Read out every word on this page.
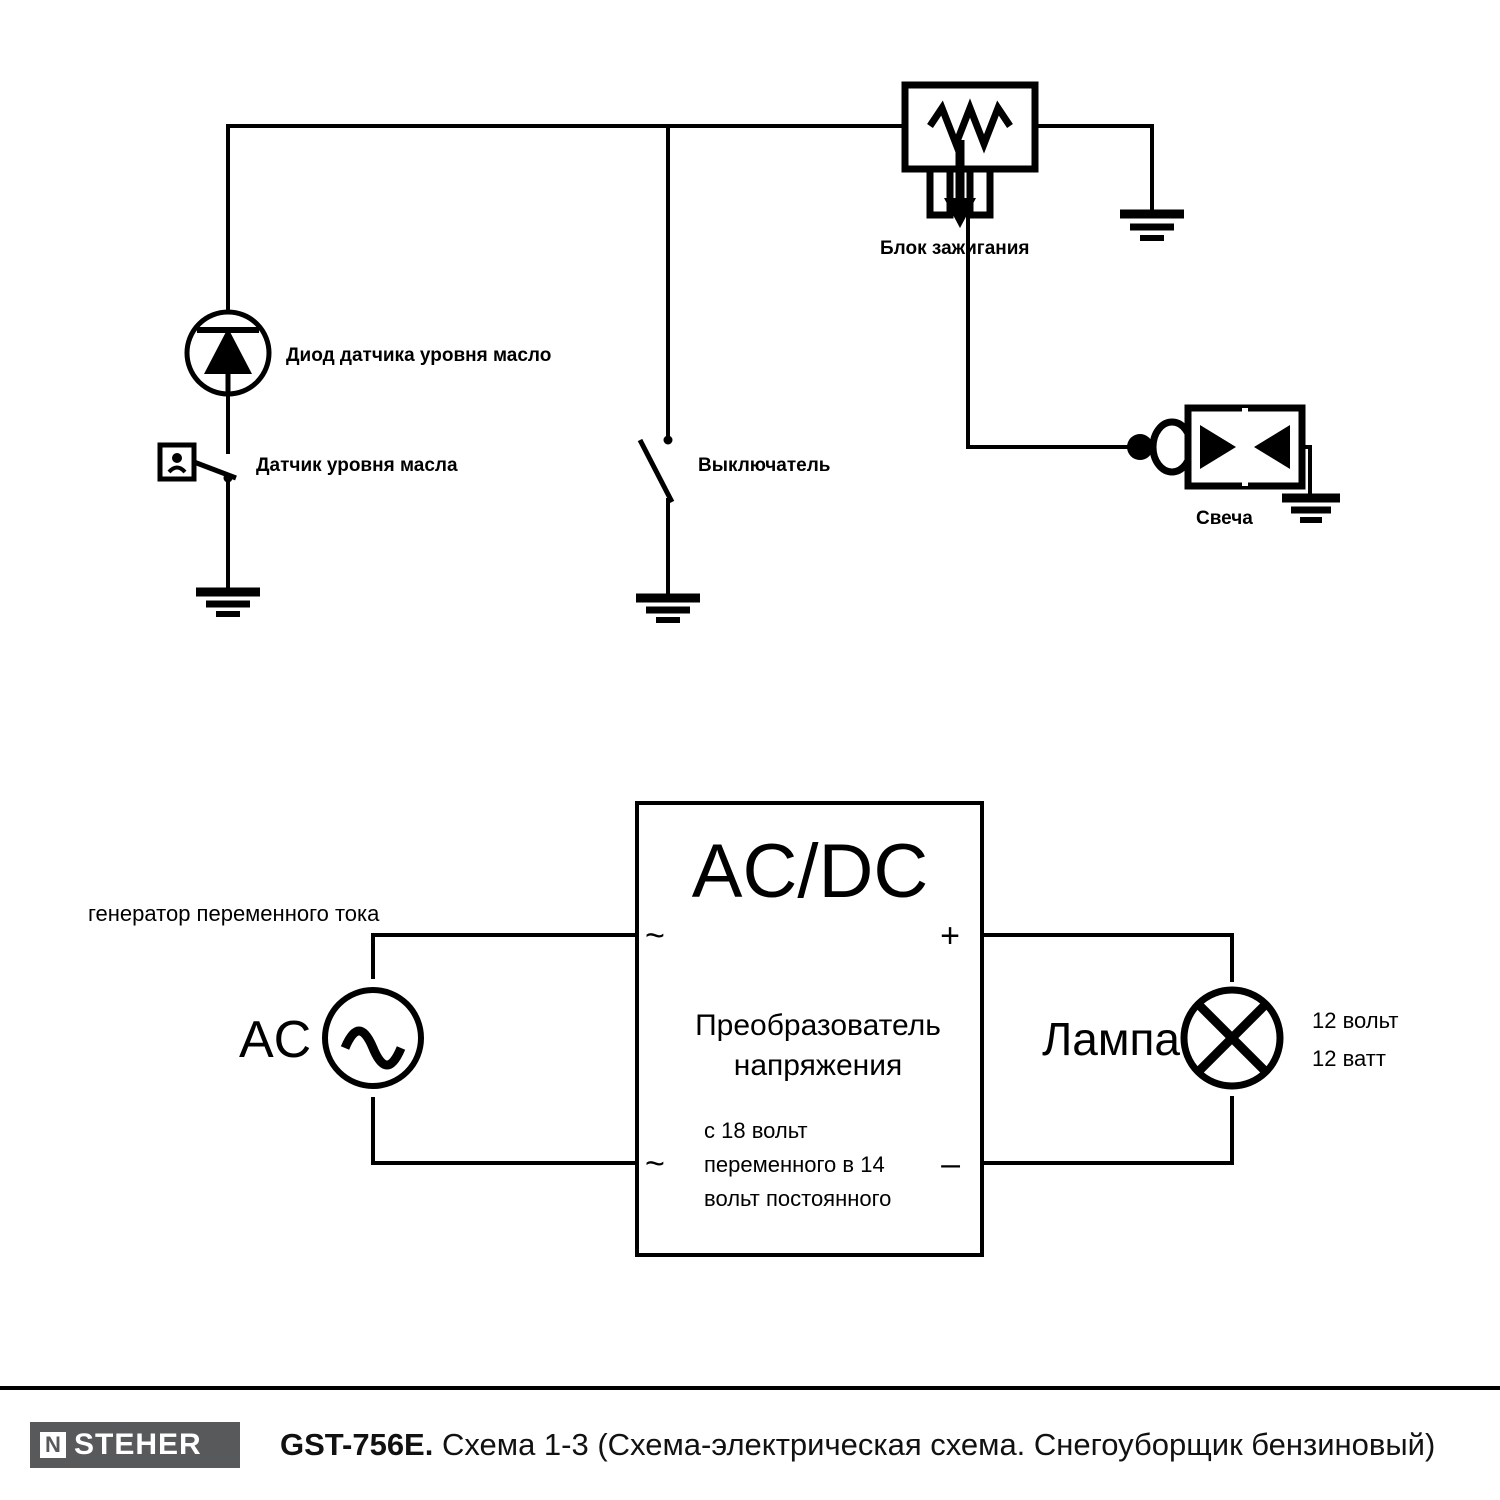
Диод датчика уровня масло
Датчик уровня масла	Выключатель
Блок зажигания
Свеча
AC
генератор переменного тока	AC/DC
Преобразователь
напряжения
с 18 вольт
переменного в 14
вольт постоянного
~
~
+
–
Лампа	12 вольт
12 ватт
N STEHER	GST-756E. Схема 1-3 (Схема-электрическая схема. Снегоуборщик бензиновый)
